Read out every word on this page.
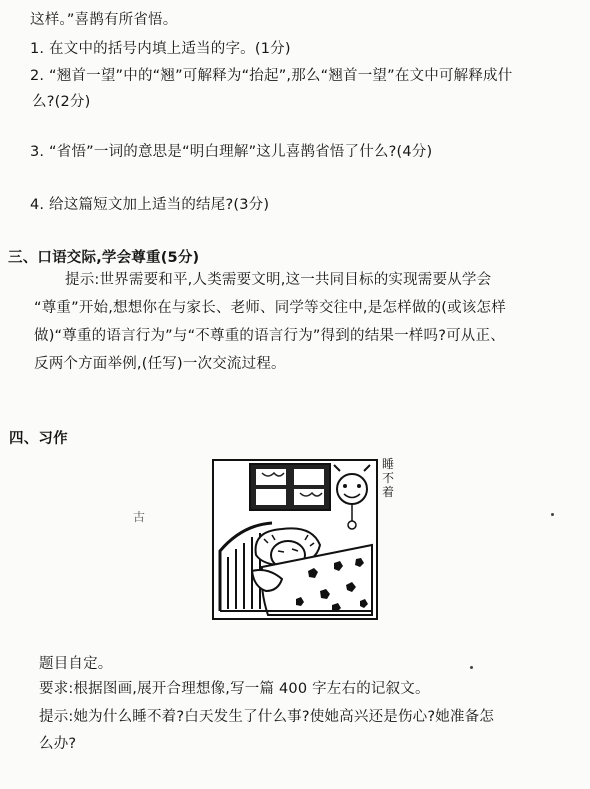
这样。”喜鹊有所省悟。
1. 在文中的括号内填上适当的字。(1分)
2. “翘首一望”中的“翘”可解释为“抬起”,那么“翘首一望”在文中可解释成什
么?(2分)
3. “省悟”一词的意思是“明白理解”这儿喜鹊省悟了什么?(4分)
4. 给这篇短文加上适当的结尾?(3分)
三、口语交际,学会尊重(5分)
提示:世界需要和平,人类需要文明,这一共同目标的实现需要从学会
“尊重”开始,想想你在与家长、老师、同学等交往中,是怎样做的(或该怎样
做)“尊重的语言行为”与“不尊重的语言行为”得到的结果一样吗?可从正、
反两个方面举例,(任写)一次交流过程。
四、习作
古
睡
不
着
题目自定。
要求:根据图画,展开合理想像,写一篇 400 字左右的记叙文。
提示:她为什么睡不着?白天发生了什么事?使她高兴还是伤心?她准备怎
么办?
